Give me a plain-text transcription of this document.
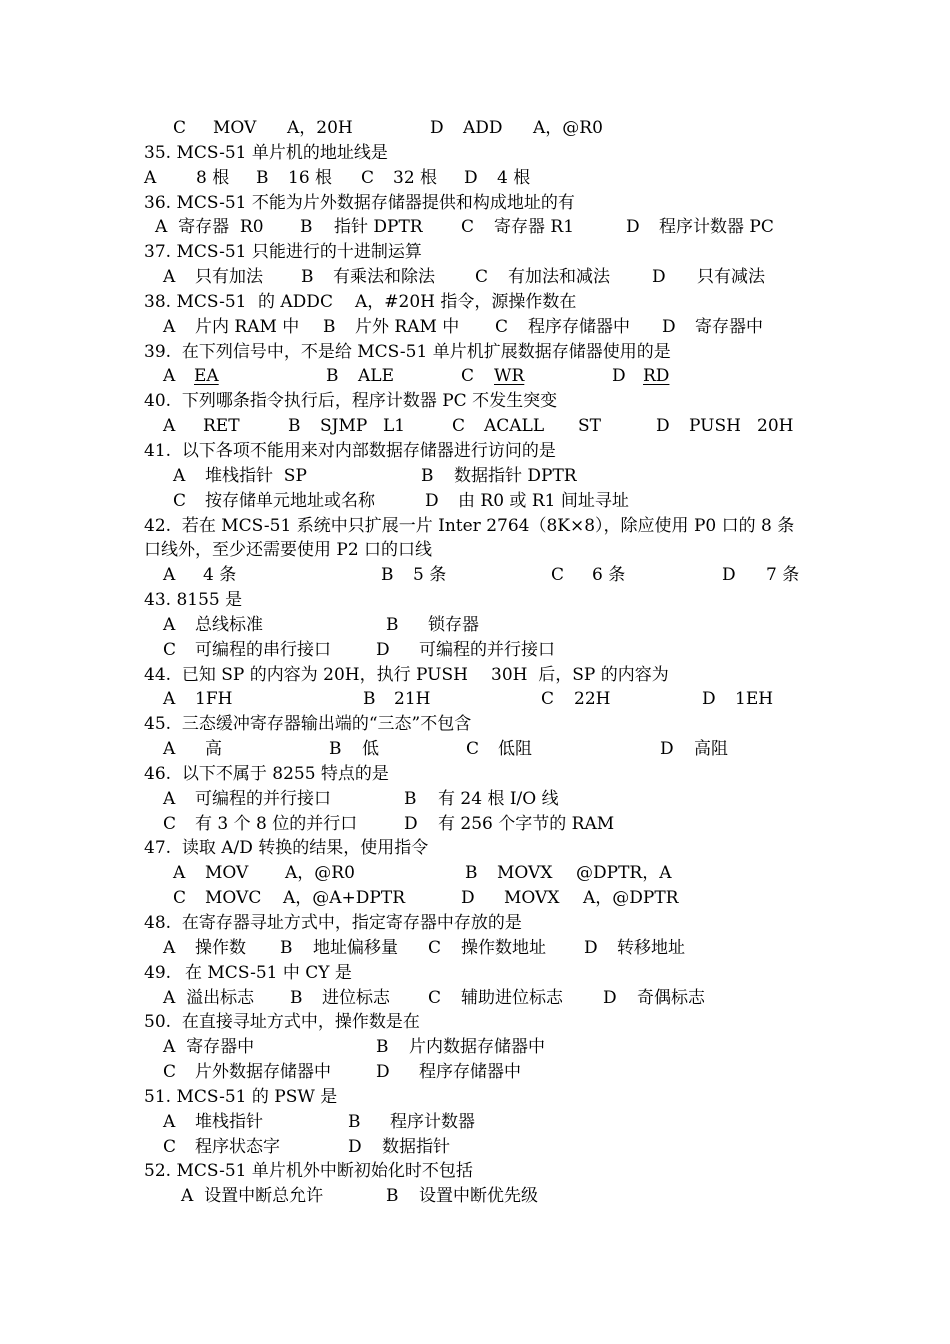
C MOV A，20H	D ADD A，@R0
35. MCS-51 单片机的地址线是
A 8 根 B 16 根 C 32 根 D 4 根
36. MCS-51 不能为片外数据存储器提供和构成地址的有
A  寄存器  R0 B 指针 DPTR C 寄存器 R1	D 程序计数器 PC
37. MCS-51 只能进行的十进制运算
A 只有加法 B 有乘法和除法 C 有加法和减法 D 只有减法
38. MCS-51 的 ADDC A，#20H 指令，源操作数在
A 片内 RAM 中 B 片外 RAM 中 C 程序存储器中 D 寄存器中
39.  在下列信号中，不是给 MCS-51 单片机扩展数据存储器使用的是
A EA	B ALE	C WR	D RD
40.  下列哪条指令执行后，程序计数器 PC 不发生突变
A RET	B SJMP L1	C ACALL ST	D PUSH 20H
41.  以下各项不能用来对内部数据存储器进行访问的是
A 堆栈指针  SP	B 数据指针 DPTR
C 按存储单元地址或名称	D 由 R0 或 R1 间址寻址
42.  若在 MCS-51 系统中只扩展一片 Inter 2764（8K×8），除应使用 P0 口的 8 条
口线外，至少还需要使用 P2 口的口线
A 4 条	B 5 条	C 6 条	D 7 条
43. 8155 是
A 总线标准	B 锁存器
C 可编程的串行接口	D 可编程的并行接口
44.  已知 SP 的内容为 20H，执行 PUSH 30H  后，SP 的内容为
A 1FH	B 21H	C 22H	D 1EH
45.  三态缓冲寄存器输出端的“三态”不包含
A 高	B 低	C 低阻	D 高阻
46.  以下不属于 8255 特点的是
A 可编程的并行接口	B 有 24 根 I/O 线
C 有 3 个 8 位的并行口	D 有 256 个字节的 RAM
47.  读取 A/D 转换的结果，使用指令
A MOV A，@R0	B MOVX @DPTR，A
C MOVC A，@A+DPTR	D MOVX A，@DPTR
48.  在寄存器寻址方式中，指定寄存器中存放的是
A 操作数 B 地址偏移量 C 操作数地址 D 转移地址
49. 在 MCS-51 中 CY 是
A  溢出标志 B 进位标志 C 辅助进位标志 D 奇偶标志
50.  在直接寻址方式中，操作数是在
A  寄存器中	B 片内数据存储器中
C 片外数据存储器中	D 程序存储器中
51. MCS-51 的 PSW 是
A 堆栈指针	B 程序计数器
C 程序状态字	D 数据指针
52. MCS-51 单片机外中断初始化时不包括
A  设置中断总允许	B 设置中断优先级
